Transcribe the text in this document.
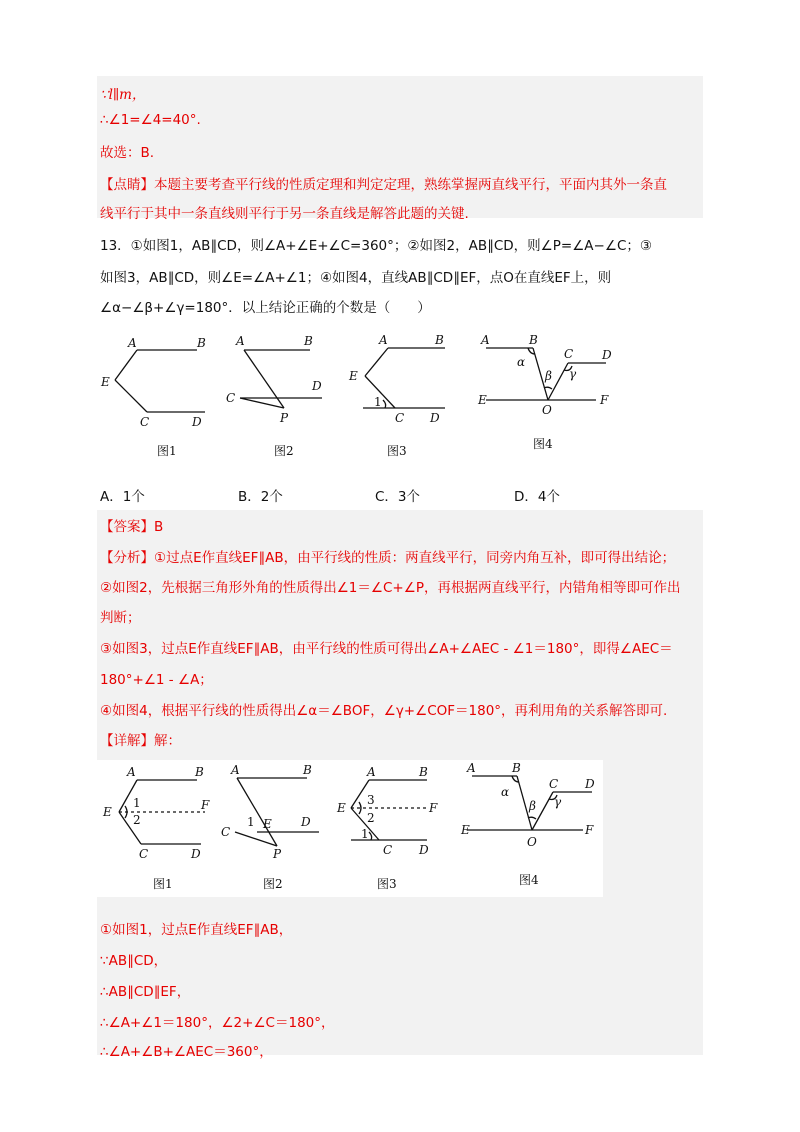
∵l∥m，
∴∠1=∠4=40°.
故选：B.
【点睛】本题主要考查平行线的性质定理和判定定理，熟练掌握两直线平行，平面内其外一条直
线平行于其中一条直线则平行于另一条直线是解答此题的关键.
13．①如图1，AB∥CD，则∠A+∠E+∠C=360°；②如图2，AB∥CD，则∠P=∠A−∠C；③
如图3，AB∥CD，则∠E=∠A+∠1；④如图4，直线AB∥CD∥EF，点O在直线EF上，则
∠α−∠β+∠γ=180°．以上结论正确的个数是（　　）
A	B
E
C	D
图1
A	B
C
D
P
图2
A	B
E
1
C D
图3
A	B
α
β
C
γ
D
E	F
O
图4
A．1个	B．2个	C．3个	D．4个
【答案】B
【分析】①过点E作直线EF∥AB，由平行线的性质：两直线平行，同旁内角互补，即可得出结论；
②如图2，先根据三角形外角的性质得出∠1＝∠C+∠P，再根据两直线平行，内错角相等即可作出
判断；
③如图3，过点E作直线EF∥AB，由平行线的性质可得出∠A+∠AEC - ∠1＝180°，即得∠AEC＝
180°+∠1 - ∠A；
④如图4，根据平行线的性质得出∠α＝∠BOF，∠γ+∠COF＝180°，再利用角的关系解答即可.
【详解】解：
A	B
E
1
2
F
C	D
图1
A	B
C
1 E D
P
图2
A	B
E
3
2
F
1
C D
图3
A	B
α
β
C
γ
D
E	F
O
图4
①如图1，过点E作直线EF∥AB，
∵AB∥CD，
∴AB∥CD∥EF，
∴∠A+∠1＝180°，∠2+∠C＝180°，
∴∠A+∠B+∠AEC＝360°，
